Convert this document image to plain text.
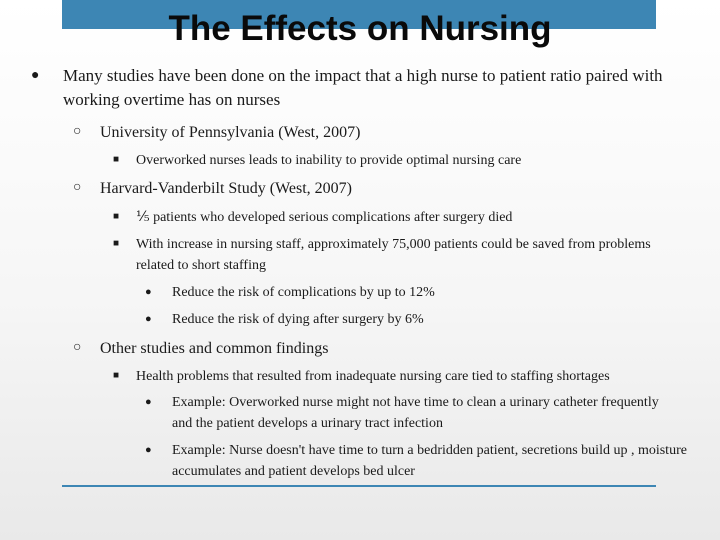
The Effects on Nursing
● Many studies have been done on the impact that a high nurse to patient ratio paired with working overtime has on nurses
○ University of Pennsylvania (West, 2007)
■ Overworked nurses leads to inability to provide optimal nursing care
○ Harvard-Vanderbilt Study (West, 2007)
■ ⅕ patients who developed serious complications after surgery died
■ With increase in nursing staff, approximately 75,000 patients could be saved from problems related to short staffing
● Reduce the risk of complications by up to 12%
● Reduce the risk of dying after surgery by 6%
○ Other studies and common findings
■ Health problems that resulted from inadequate nursing care tied to staffing shortages
● Example: Overworked nurse might not have time to clean a urinary catheter frequently and the patient develops a urinary tract infection
● Example: Nurse doesn't have time to turn a bedridden patient, secretions build up , moisture accumulates and patient develops bed ulcer
